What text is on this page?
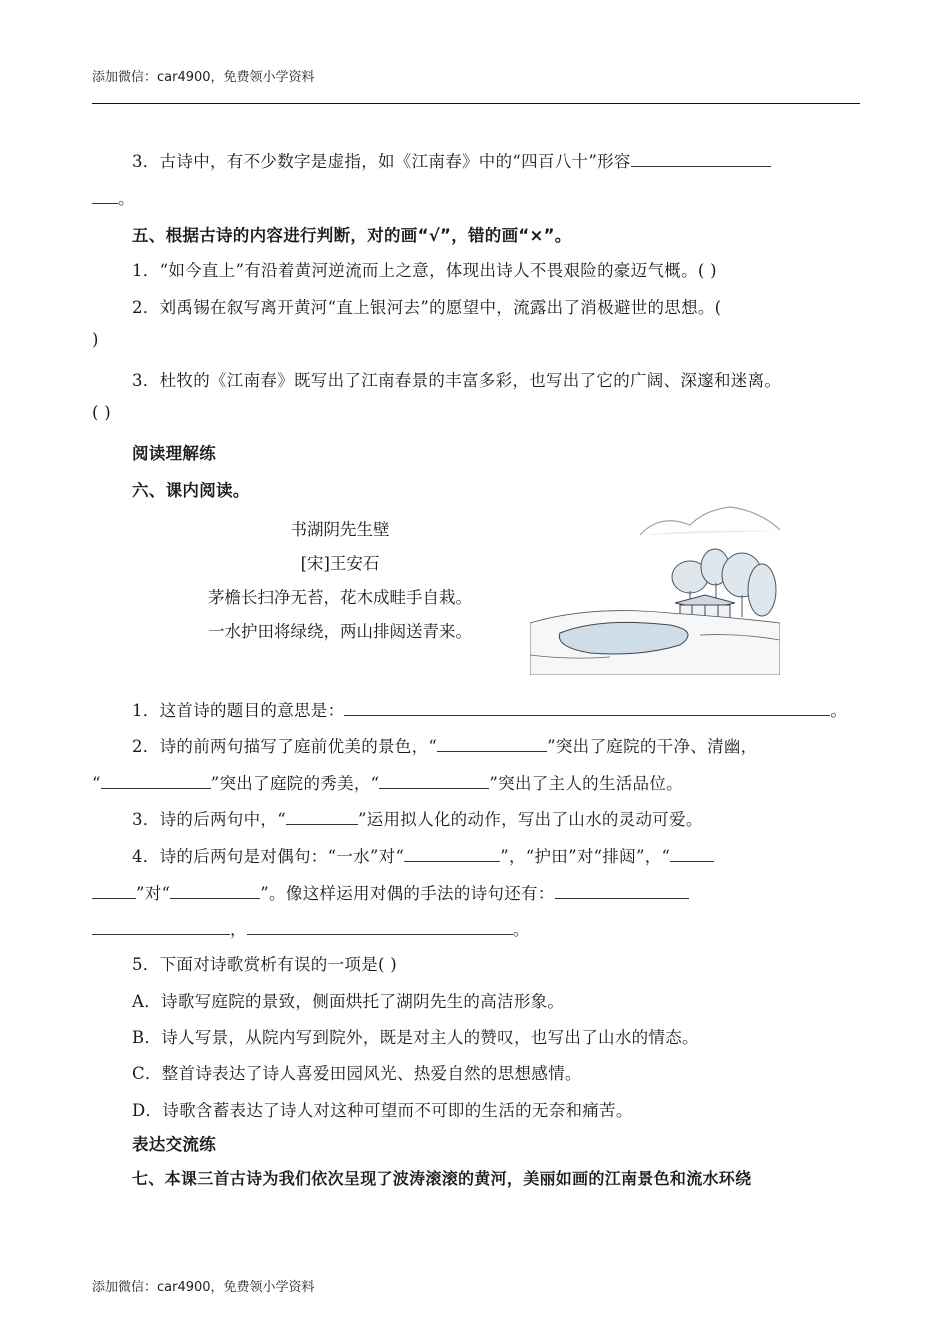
添加微信：car4900，免费领小学资料
3．古诗中，有不少数字是虚指，如《江南春》中的“四百八十”形容
。
五、根据古诗的内容进行判断，对的画“√”，错的画“×”。
1．“如今直上”有沿着黄河逆流而上之意，体现出诗人不畏艰险的豪迈气概。( )
2．刘禹锡在叙写离开黄河“直上银河去”的愿望中，流露出了消极避世的思想。(
)
3．杜牧的《江南春》既写出了江南春景的丰富多彩，也写出了它的广阔、深邃和迷离。
( )
阅读理解练
六、课内阅读。
书湖阴先生壁
[宋]王安石
茅檐长扫净无苔，花木成畦手自栽。
一水护田将绿绕，两山排闼送青来。
1．这首诗的题目的意思是：	。
2．诗的前两句描写了庭前优美的景色，“	”突出了庭院的干净、清幽，
“	”突出了庭院的秀美，“	”突出了主人的生活品位。
3．诗的后两句中，“	”运用拟人化的动作，写出了山水的灵动可爱。
4．诗的后两句是对偶句：“一水”对“	”，“护田”对“排闼”，“
”对“	”。像这样运用对偶的手法的诗句还有：
，	。
5．下面对诗歌赏析有误的一项是( )
A．诗歌写庭院的景致，侧面烘托了湖阴先生的高洁形象。
B．诗人写景，从院内写到院外，既是对主人的赞叹，也写出了山水的情态。
C．整首诗表达了诗人喜爱田园风光、热爱自然的思想感情。
D．诗歌含蓄表达了诗人对这种可望而不可即的生活的无奈和痛苦。
表达交流练
七、本课三首古诗为我们依次呈现了波涛滚滚的黄河，美丽如画的江南景色和流水环绕
添加微信：car4900，免费领小学资料
